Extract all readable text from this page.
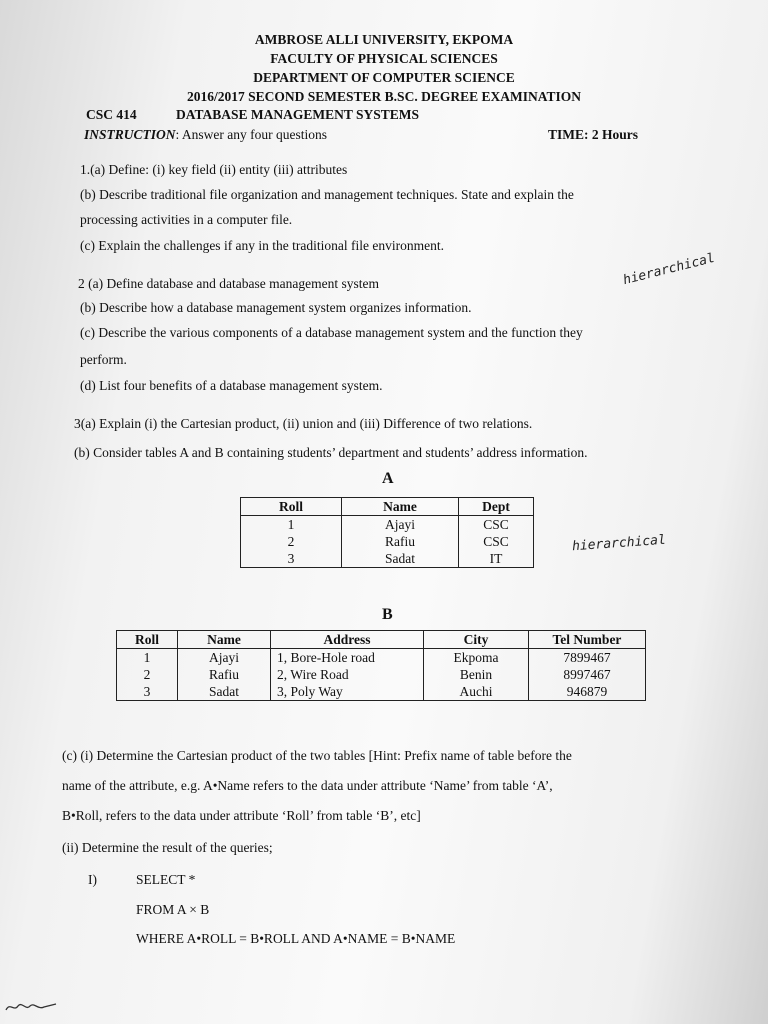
AMBROSE ALLI UNIVERSITY, EKPOMA
FACULTY OF PHYSICAL SCIENCES
DEPARTMENT OF COMPUTER SCIENCE
2016/2017 SECOND SEMESTER B.SC. DEGREE EXAMINATION
CSC 414	DATABASE MANAGEMENT SYSTEMS
INSTRUCTION: Answer any four questions	TIME: 2 Hours
1.(a) Define: (i) key field (ii) entity (iii) attributes
(b) Describe traditional file organization and management techniques. State and explain the
processing activities in a computer file.
(c) Explain the challenges if any in the traditional file environment.
2 (a) Define database and database management system
(b) Describe how a database management system organizes information.
(c) Describe the various components of a database management system and the function they
perform.
(d) List four benefits of a database management system.
hierarchical
3(a) Explain (i) the Cartesian product, (ii) union and (iii) Difference of two relations.
(b) Consider tables A and B containing students’ department and students’ address information.
A
Roll	Name	Dept
1	Ajayi	CSC
2	Rafiu	CSC
3	Sadat	IT
hierarchical
B
Roll	Name	Address	City	Tel Number
1	Ajayi	1, Bore-Hole road	Ekpoma	7899467
2	Rafiu	2, Wire Road	Benin	8997467
3	Sadat	3, Poly Way	Auchi	946879
(c) (i) Determine the Cartesian product of the two tables [Hint: Prefix name of table before the
name of the attribute, e.g. A•Name refers to the data under attribute ‘Name’ from table ‘A’,
B•Roll, refers to the data under attribute ‘Roll’ from table ‘B’, etc]
(ii) Determine the result of the queries;
I)	SELECT *
FROM A × B
WHERE A•ROLL = B•ROLL AND A•NAME = B•NAME
